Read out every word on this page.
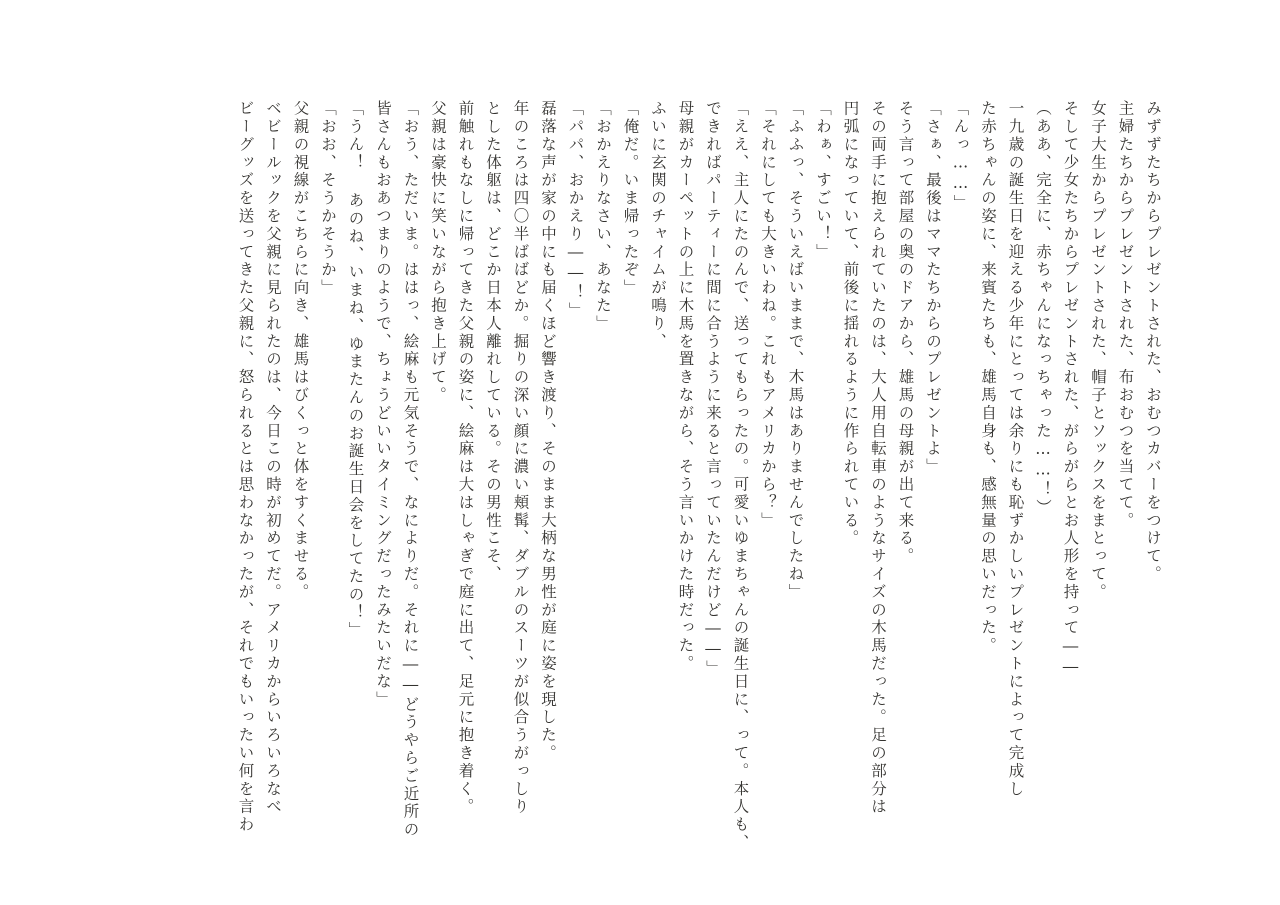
みずずたちからプレゼントされた、おむつカバーをつけて。
主婦たちからプレゼントされた、布おむつを当てて。
女子大生からプレゼントされた、帽子とソックスをまとって。
そして少女たちからプレゼントされた、がらがらとお人形を持って――
（ああ、完全に、赤ちゃんになっちゃった……！）
一九歳の誕生日を迎える少年にとっては余りにも恥ずかしいプレゼントによって完成し
た赤ちゃんの姿に、来賓たちも、雄馬自身も、感無量の思いだった。
「んっ……」
「さぁ、最後はママたちからのプレゼントよ」
そう言って部屋の奥のドアから、雄馬の母親が出て来る。
その両手に抱えられていたのは、大人用自転車のようなサイズの木馬だった。足の部分は
円弧になっていて、前後に揺れるように作られている。
「わぁ、すごい！」
「ふふっ、そういえばいままで、木馬はありませんでしたね」
「それにしても大きいわね。これもアメリカから？」
「ええ、主人にたのんで、送ってもらったの。可愛いゆまちゃんの誕生日に、って。本人も、
できればパーティーに間に合うように来ると言っていたんだけど――」
母親がカーペットの上に木馬を置きながら、そう言いかけた時だった。
ふいに玄関のチャイムが鳴り、
「俺だ。いま帰ったぞ」
「おかえりなさい、あなた」
「パパ、おかえり――！」
磊落な声が家の中にも届くほど響き渡り、そのまま大柄な男性が庭に姿を現した。
年のころは四〇半ばばどか。掘りの深い顔に濃い頬髯、ダブルのスーツが似合うがっしり
とした体躯は、どこか日本人離れしている。その男性こそ、
前触れもなしに帰ってきた父親の姿に、絵麻は大はしゃぎで庭に出て、足元に抱き着く。
父親は豪快に笑いながら抱き上げて。
「おう、ただいま。ははっ、絵麻も元気そうで、なによりだ。それに――どうやらご近所の
皆さんもおあつまりのようで、ちょうどいいタイミングだったみたいだな」
「うん！ あのね、いまね、ゆまたんのお誕生日会をしてたの！」
「おお、そうかそうか」
父親の視線がこちらに向き、雄馬はびくっと体をすくませる。
ベビールックを父親に見られたのは、今日この時が初めてだ。アメリカからいろいろなべ
ビーグッズを送ってきた父親に、怒られるとは思わなかったが、それでもいったい何を言わ
